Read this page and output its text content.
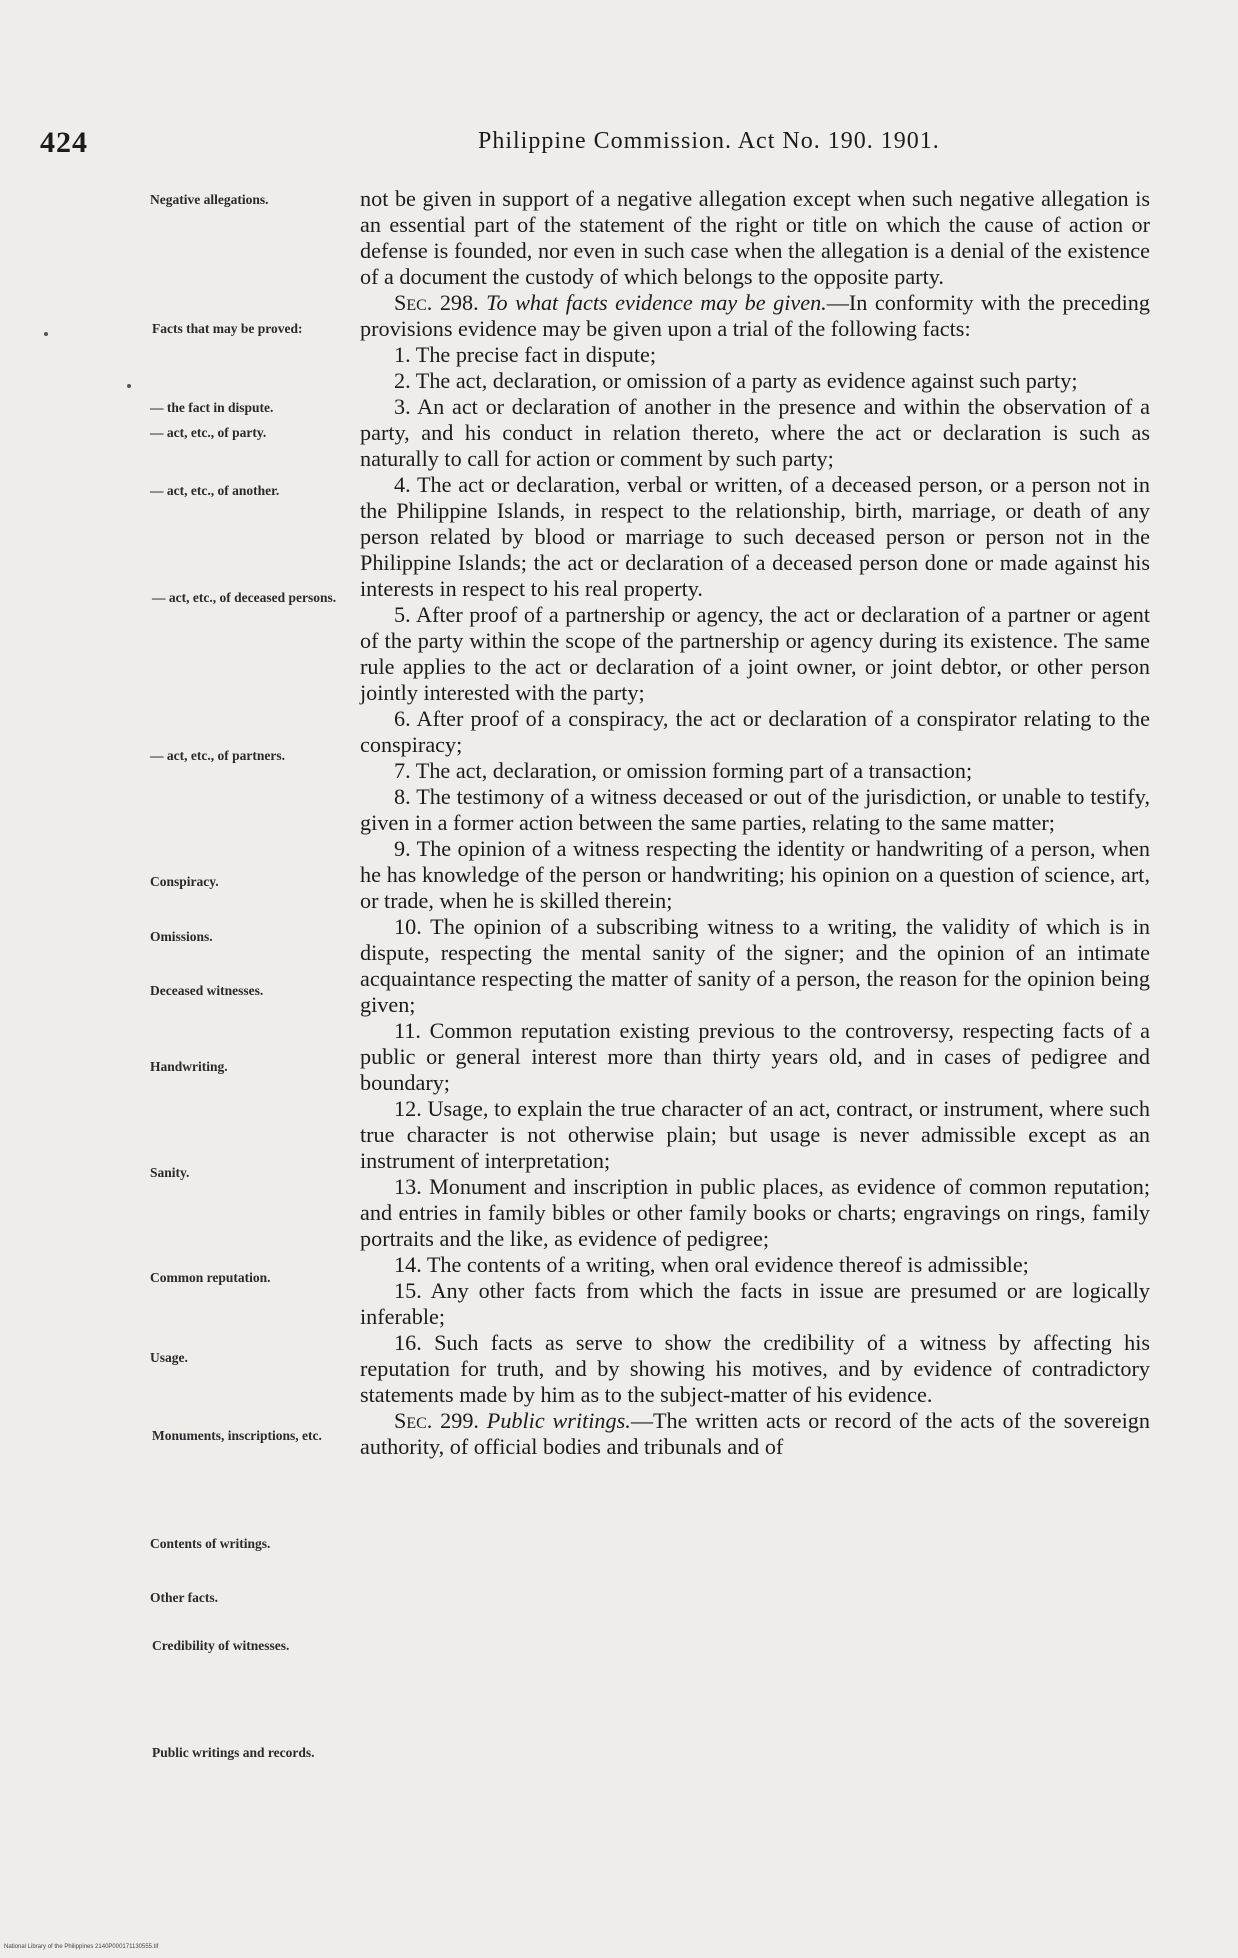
424	Philippine Commission. Act No. 190. 1901.
Negative allegations.
Facts that may be proved:
— the fact in dispute.
— act, etc., of party.
— act, etc., of another.
— act, etc., of deceased persons.
— act, etc., of partners.
Conspiracy.
Omissions.
Deceased witnesses.
Handwriting.
Sanity.
Common reputation.
Usage.
Monuments, inscriptions, etc.
Contents of writings.
Other facts.
Credibility of witnesses.
Public writings and records.

not be given in support of a negative allegation except when such negative allegation is an essential part of the statement of the right or title on which the cause of action or defense is founded, nor even in such case when the allegation is a denial of the existence of a document the custody of which belongs to the opposite party.

Sec. 298. To what facts evidence may be given.—In conformity with the preceding provisions evidence may be given upon a trial of the following facts:

1. The precise fact in dispute;

2. The act, declaration, or omission of a party as evidence against such party;

3. An act or declaration of another in the presence and within the observation of a party, and his conduct in relation thereto, where the act or declaration is such as naturally to call for action or comment by such party;

4. The act or declaration, verbal or written, of a deceased person, or a person not in the Philippine Islands, in respect to the relationship, birth, marriage, or death of any person related by blood or marriage to such deceased person or person not in the Philippine Islands; the act or declaration of a deceased person done or made against his interests in respect to his real property.

5. After proof of a partnership or agency, the act or declaration of a partner or agent of the party within the scope of the partnership or agency during its existence. The same rule applies to the act or declaration of a joint owner, or joint debtor, or other person jointly interested with the party;

6. After proof of a conspiracy, the act or declaration of a conspirator relating to the conspiracy;

7. The act, declaration, or omission forming part of a transaction;

8. The testimony of a witness deceased or out of the jurisdiction, or unable to testify, given in a former action between the same parties, relating to the same matter;

9. The opinion of a witness respecting the identity or handwriting of a person, when he has knowledge of the person or handwriting; his opinion on a question of science, art, or trade, when he is skilled therein;

10. The opinion of a subscribing witness to a writing, the validity of which is in dispute, respecting the mental sanity of the signer; and the opinion of an intimate acquaintance respecting the matter of sanity of a person, the reason for the opinion being given;

11. Common reputation existing previous to the controversy, respecting facts of a public or general interest more than thirty years old, and in cases of pedigree and boundary;

12. Usage, to explain the true character of an act, contract, or instrument, where such true character is not otherwise plain; but usage is never admissible except as an instrument of interpretation;

13. Monument and inscription in public places, as evidence of common reputation; and entries in family bibles or other family books or charts; engravings on rings, family portraits and the like, as evidence of pedigree;

14. The contents of a writing, when oral evidence thereof is admissible;

15. Any other facts from which the facts in issue are presumed or are logically inferable;

16. Such facts as serve to show the credibility of a witness by affecting his reputation for truth, and by showing his motives, and by evidence of contradictory statements made by him as to the subject-matter of his evidence.

Sec. 299. Public writings.—The written acts or record of the acts of the sovereign authority, of official bodies and tribunals and of

National Library of the Philippines 2140P000171130555.tif
